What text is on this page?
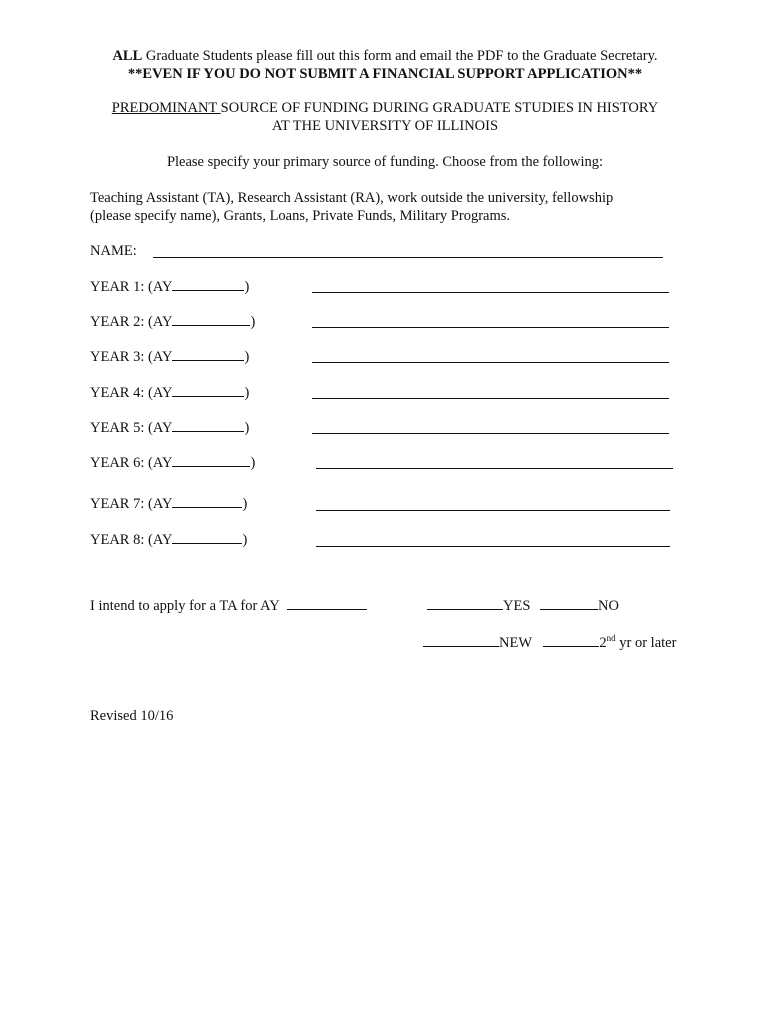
ALL Graduate Students please fill out this form and email the PDF to the Graduate Secretary.
**EVEN IF YOU DO NOT SUBMIT A FINANCIAL SUPPORT APPLICATION**
PREDOMINANT SOURCE OF FUNDING DURING GRADUATE STUDIES IN HISTORY
AT THE UNIVERSITY OF ILLINOIS
Please specify your primary source of funding. Choose from the following:
Teaching Assistant (TA), Research Assistant (RA), work outside the university, fellowship
(please specify name), Grants, Loans, Private Funds, Military Programs.
NAME:
YEAR 1: (AY	)
YEAR 2: (AY	)
YEAR 3: (AY	)
YEAR 4: (AY	)
YEAR 5: (AY	)
YEAR 6: (AY	)
YEAR 7: (AY	)
YEAR 8: (AY	)
I intend to apply for a TA for AY	YES	NO
NEW	2nd yr or later
Revised 10/16
